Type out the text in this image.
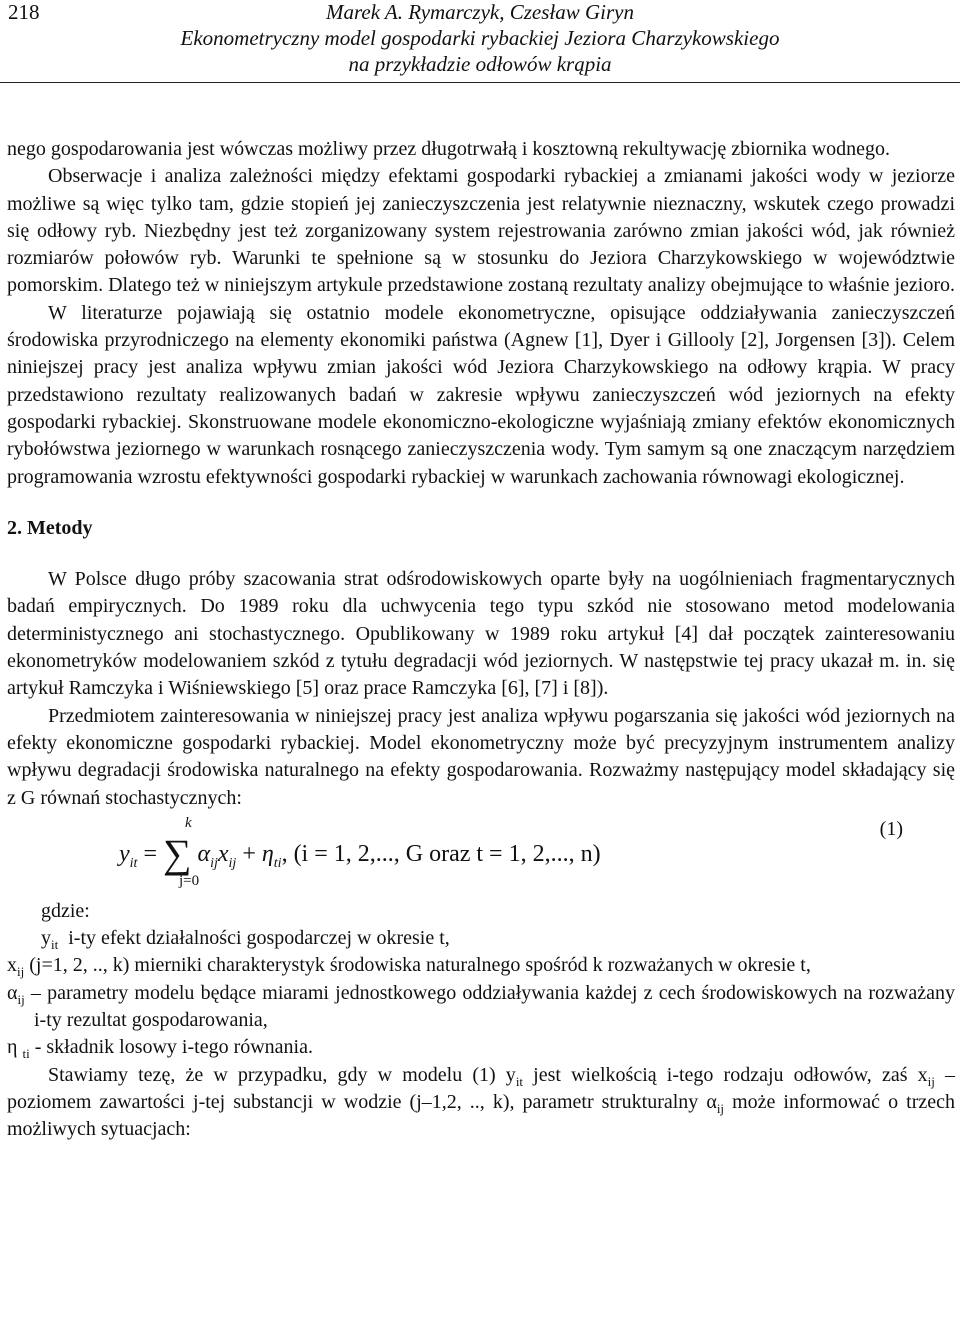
218	Marek A. Rymarczyk, Czesław Giryn
Ekonometryczny model gospodarki rybackiej Jeziora Charzykowskiego
na przykładzie odłowów krąpia

nego gospodarowania jest wówczas możliwy przez długotrwałą i kosztowną rekultywację zbiornika wodnego.

Obserwacje i analiza zależności między efektami gospodarki rybackiej a zmianami jakości wody w jeziorze możliwe są więc tylko tam, gdzie stopień jej zanieczyszczenia jest relatywnie nieznaczny, wskutek czego prowadzi się odłowy ryb. Niezbędny jest też zorganizowany system rejestrowania zarówno zmian jakości wód, jak również rozmiarów połowów ryb. Warunki te spełnione są w stosunku do Jeziora Charzykowskiego w województwie pomorskim. Dlatego też w niniejszym artykule przedstawione zostaną rezultaty analizy obejmujące to właśnie jezioro.

W literaturze pojawiają się ostatnio modele ekonometryczne, opisujące oddziaływania zanieczyszczeń środowiska przyrodniczego na elementy ekonomiki państwa (Agnew [1], Dyer i Gillooly [2], Jorgensen [3]). Celem niniejszej pracy jest analiza wpływu zmian jakości wód Jeziora Charzykowskiego na odłowy krąpia. W pracy przedstawiono rezultaty realizowanych badań w zakresie wpływu zanieczyszczeń wód jeziornych na efekty gospodarki rybackiej. Skonstruowane modele ekonomiczno-ekologiczne wyjaśniają zmiany efektów ekonomicznych rybołówstwa jeziornego w warunkach rosnącego zanieczyszczenia wody. Tym samym są one znaczącym narzędziem programowania wzrostu efektywności gospodarki rybackiej w warunkach zachowania równowagi ekologicznej.

2. Metody

W Polsce długo próby szacowania strat odśrodowiskowych oparte były na uogólnieniach fragmentarycznych badań empirycznych. Do 1989 roku dla uchwycenia tego typu szkód nie stosowano metod modelowania deterministycznego ani stochastycznego. Opublikowany w 1989 roku artykuł [4] dał początek zainteresowaniu ekonometryków modelowaniem szkód z tytułu degradacji wód jeziornych. W następstwie tej pracy ukazał m. in. się artykuł Ramczyka i Wiśniewskiego [5] oraz prace Ramczyka [6], [7] i [8]).

Przedmiotem zainteresowania w niniejszej pracy jest analiza wpływu pogarszania się jakości wód jeziornych na efekty ekonomiczne gospodarki rybackiej. Model ekonometryczny może być precyzyjnym instrumentem analizy wpływu degradacji środowiska naturalnego na efekty gospodarowania. Rozważmy następujący model składający się z G równań stochastycznych:

(1)
k
j=0
$y_{it}$ = ∑ $\alpha_{ij}x_{ij} + \eta_{ti}$, (i = 1, 2,..., G oraz t = 1, 2,..., n)

gdzie:

$y_{it}$ i-ty efekt działalności gospodarczej w okresie t,

$x_{ij}$ (j=1, 2, .., k) mierniki charakterystyk środowiska naturalnego spośród k rozważanych w okresie t,

$\alpha_{ij}$ – parametry modelu będące miarami jednostkowego oddziaływania każdej z cech środowiskowych na rozważany i-ty rezultat gospodarowania,

η $_{ti}$ - składnik losowy i-tego równania.

Stawiamy tezę, że w przypadku, gdy w modelu (1) $y_{it}$ jest wielkością i-tego rodzaju odłowów, zaś $x_{ij}$ – poziomem zawartości j-tej substancji w wodzie (j–1,2, .., k), parametr strukturalny $\alpha_{ij}$ może informować o trzech możliwych sytuacjach:
